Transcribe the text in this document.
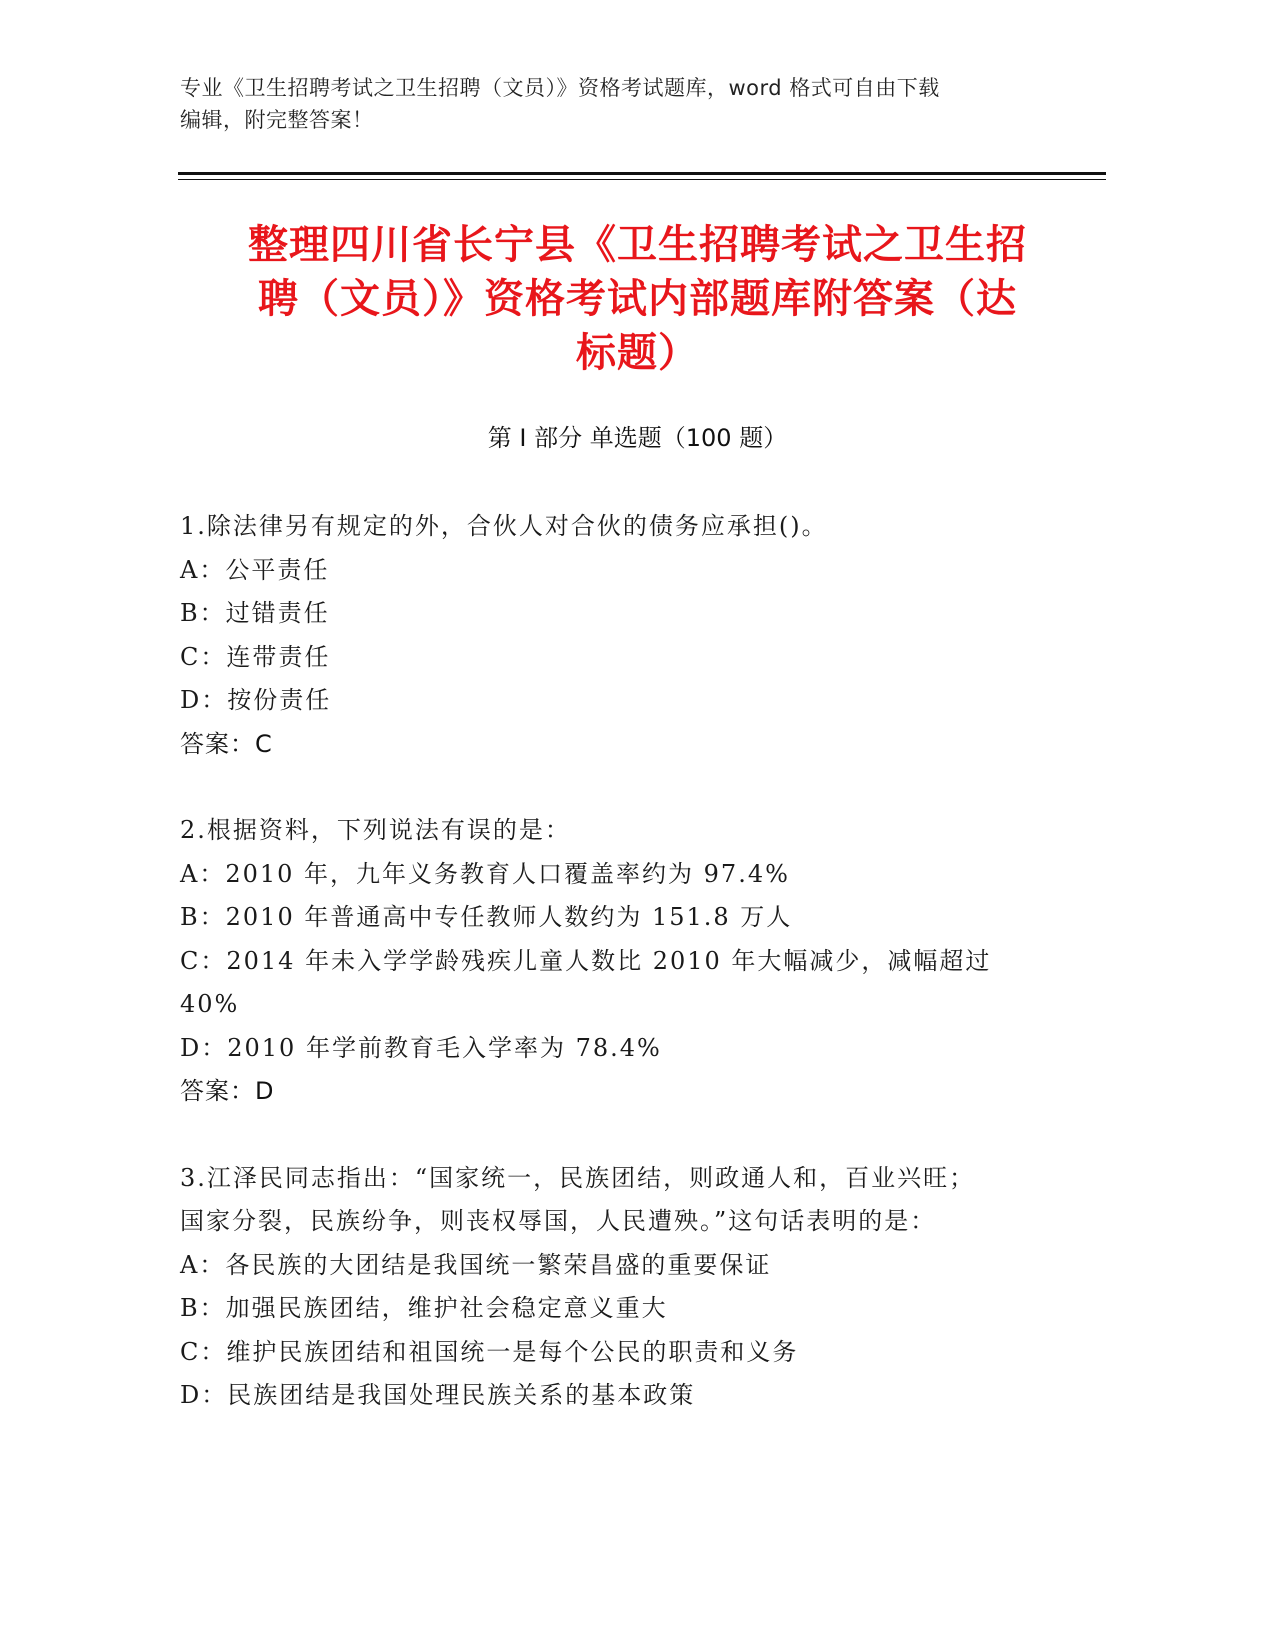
专业《卫生招聘考试之卫生招聘（文员）》资格考试题库，word 格式可自由下载
编辑，附完整答案！
整理四川省长宁县《卫生招聘考试之卫生招
聘（文员）》资格考试内部题库附答案（达
标题）
第 I 部分 单选题（100 题）
1.除法律另有规定的外，合伙人对合伙的债务应承担()。
A：公平责任
B：过错责任
C：连带责任
D：按份责任
答案：C
2.根据资料，下列说法有误的是：
A：2010 年，九年义务教育人口覆盖率约为 97.4%
B：2010 年普通高中专任教师人数约为 151.8 万人
C：2014 年未入学学龄残疾儿童人数比 2010 年大幅减少，减幅超过
40%
D：2010 年学前教育毛入学率为 78.4%
答案：D
3.江泽民同志指出：“国家统一，民族团结，则政通人和，百业兴旺；
国家分裂，民族纷争，则丧权辱国，人民遭殃。”这句话表明的是：
A：各民族的大团结是我国统一繁荣昌盛的重要保证
B：加强民族团结，维护社会稳定意义重大
C：维护民族团结和祖国统一是每个公民的职责和义务
D：民族团结是我国处理民族关系的基本政策
